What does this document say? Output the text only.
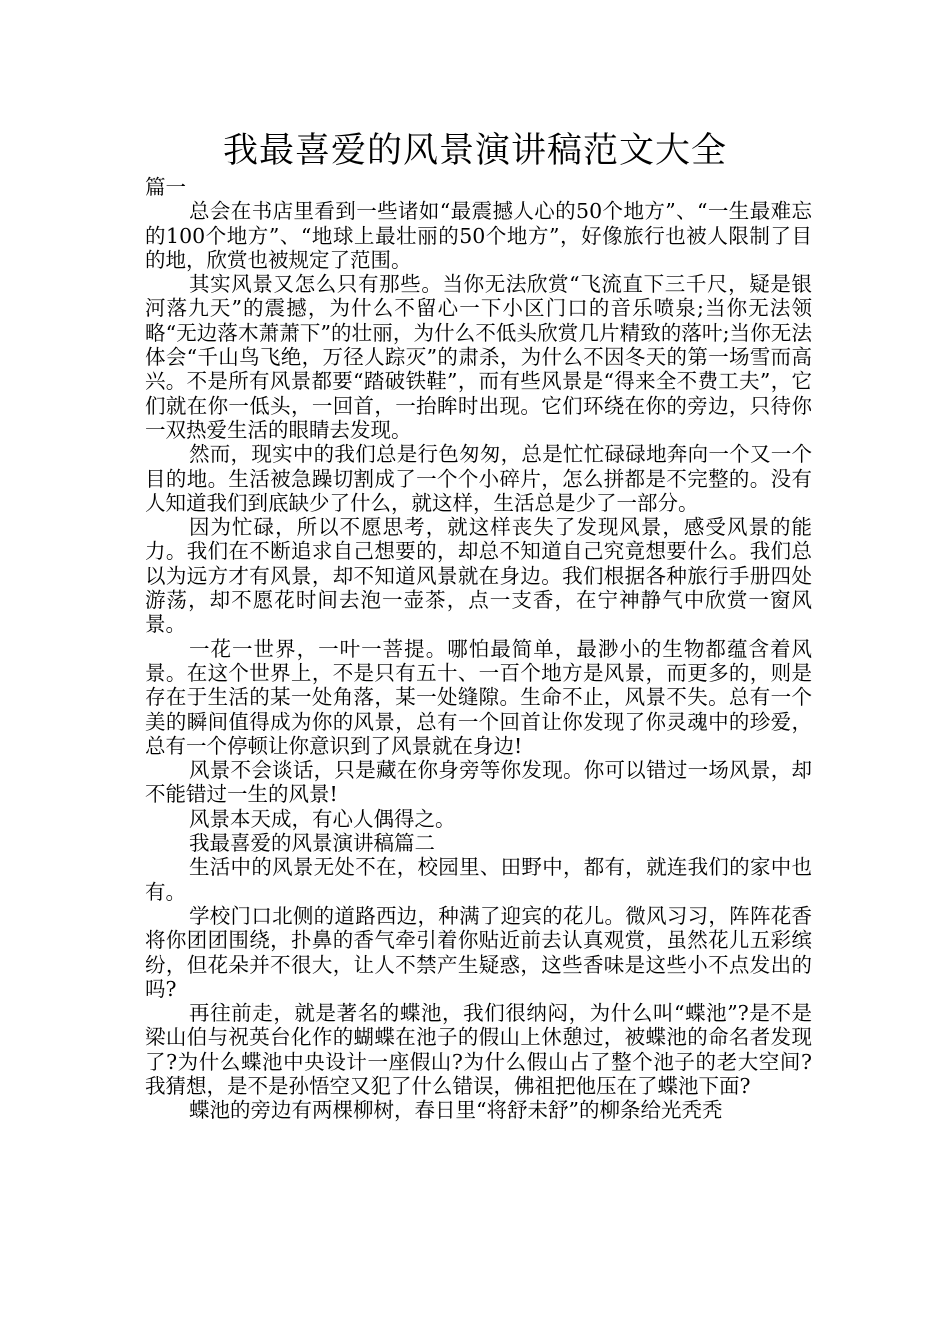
我最喜爱的风景演讲稿范文大全

篇一

总会在书店里看到一些诸如“最震撼人心的50个地方”、“一生最难忘的100个地方”、“地球上最壮丽的50个地方”，好像旅行也被人限制了目的地，欣赏也被规定了范围。

其实风景又怎么只有那些。当你无法欣赏“飞流直下三千尺，疑是银河落九天”的震撼，为什么不留心一下小区门口的音乐喷泉;当你无法领略“无边落木萧萧下”的壮丽，为什么不低头欣赏几片精致的落叶;当你无法体会“千山鸟飞绝，万径人踪灭”的肃杀，为什么不因冬天的第一场雪而高兴。不是所有风景都要“踏破铁鞋”，而有些风景是“得来全不费工夫”，它们就在你一低头，一回首，一抬眸时出现。它们环绕在你的旁边，只待你一双热爱生活的眼睛去发现。

然而，现实中的我们总是行色匆匆，总是忙忙碌碌地奔向一个又一个目的地。生活被急躁切割成了一个个小碎片，怎么拼都是不完整的。没有人知道我们到底缺少了什么，就这样，生活总是少了一部分。

因为忙碌，所以不愿思考，就这样丧失了发现风景，感受风景的能力。我们在不断追求自己想要的，却总不知道自己究竟想要什么。我们总以为远方才有风景，却不知道风景就在身边。我们根据各种旅行手册四处游荡，却不愿花时间去泡一壶茶，点一支香，在宁神静气中欣赏一窗风景。

一花一世界，一叶一菩提。哪怕最简单，最渺小的生物都蕴含着风景。在这个世界上，不是只有五十、一百个地方是风景，而更多的，则是存在于生活的某一处角落，某一处缝隙。生命不止，风景不失。总有一个美的瞬间值得成为你的风景，总有一个回首让你发现了你灵魂中的珍爱，总有一个停顿让你意识到了风景就在身边!

风景不会谈话，只是藏在你身旁等你发现。你可以错过一场风景，却不能错过一生的风景!

风景本天成，有心人偶得之。

我最喜爱的风景演讲稿篇二

生活中的风景无处不在，校园里、田野中，都有，就连我们的家中也有。

学校门口北侧的道路西边，种满了迎宾的花儿。微风习习，阵阵花香将你团团围绕，扑鼻的香气牵引着你贴近前去认真观赏，虽然花儿五彩缤纷，但花朵并不很大，让人不禁产生疑惑，这些香味是这些小不点发出的吗?

再往前走，就是著名的蝶池，我们很纳闷，为什么叫“蝶池”?是不是梁山伯与祝英台化作的蝴蝶在池子的假山上休憩过，被蝶池的命名者发现了?为什么蝶池中央设计一座假山?为什么假山占了整个池子的老大空间?我猜想，是不是孙悟空又犯了什么错误，佛祖把他压在了蝶池下面?

蝶池的旁边有两棵柳树，春日里“将舒未舒”的柳条给光秃秃
